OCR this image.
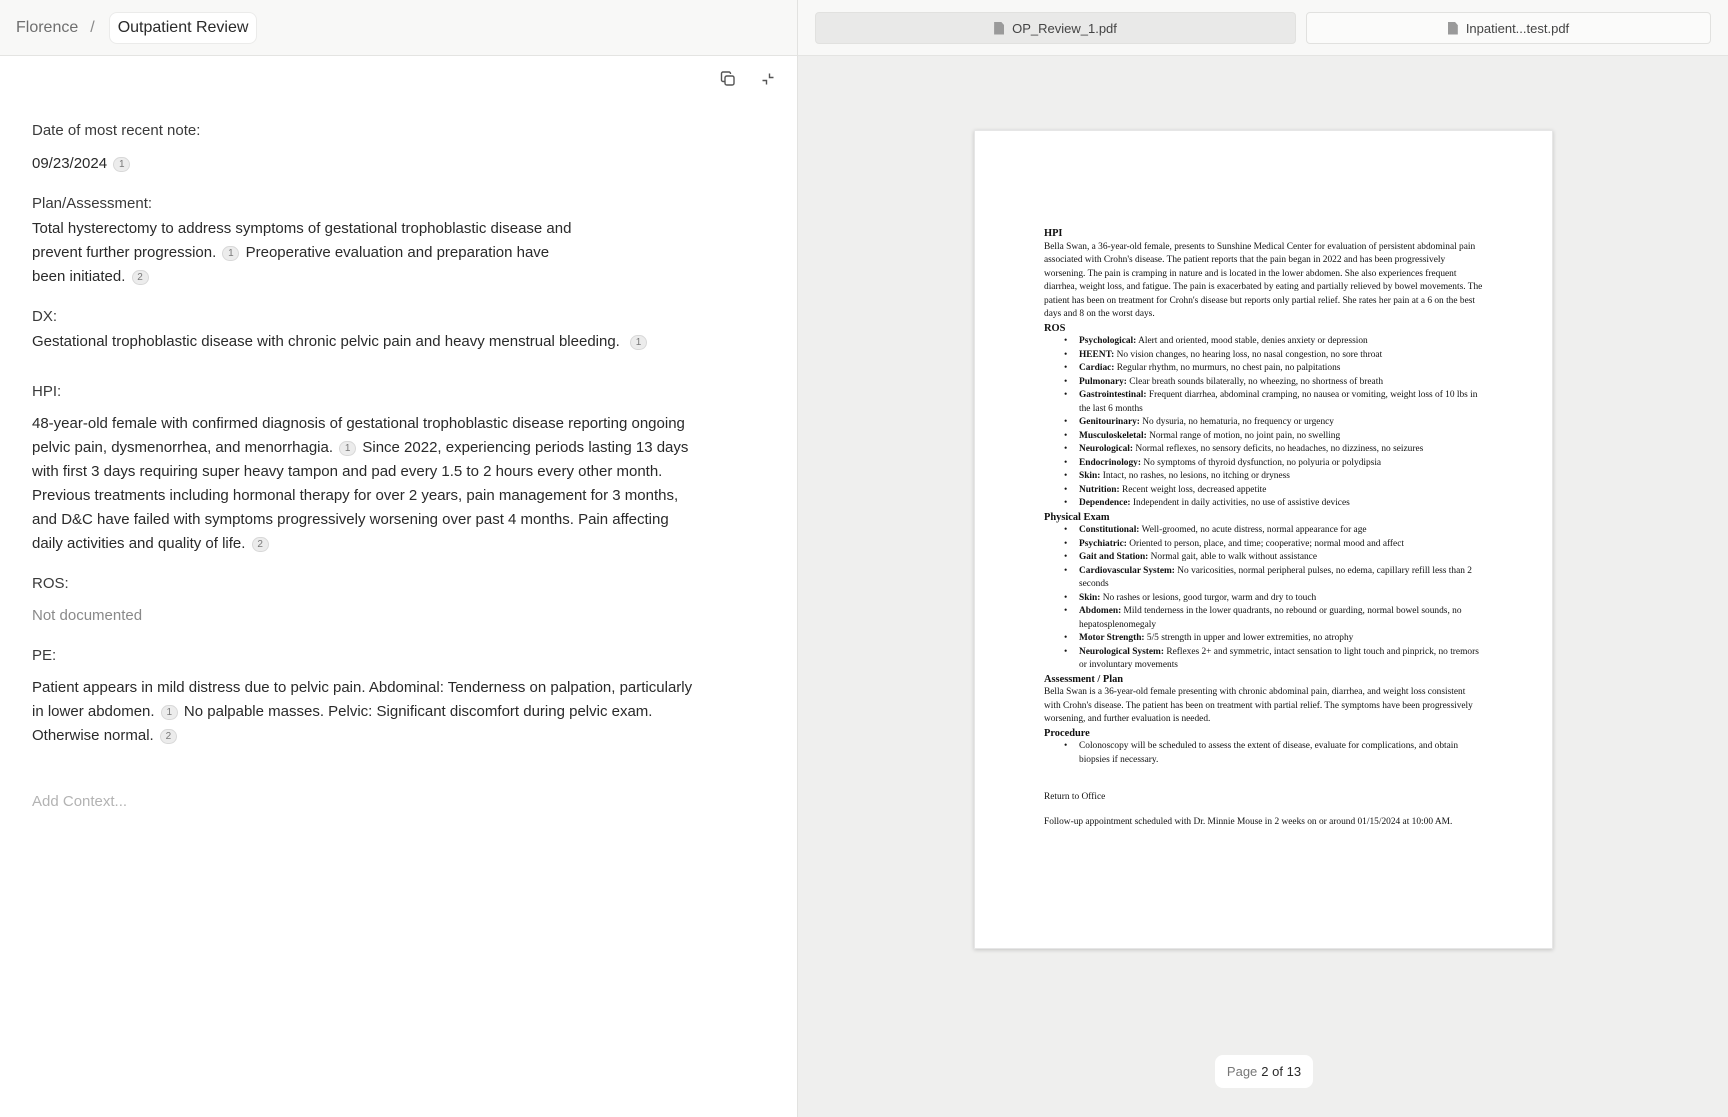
Florence /	Outpatient Review
Date of most recent note:
09/23/2024 1
Plan/Assessment:
Total hysterectomy to address symptoms of gestational trophoblastic disease and prevent further progression. 1 Preoperative evaluation and preparation have been initiated. 2
DX:
Gestational trophoblastic disease with chronic pelvic pain and heavy menstrual bleeding. 1
HPI:
48-year-old female with confirmed diagnosis of gestational trophoblastic disease reporting ongoing pelvic pain, dysmenorrhea, and menorrhagia. 1 Since 2022, experiencing periods lasting 13 days with first 3 days requiring super heavy tampon and pad every 1.5 to 2 hours every other month. Previous treatments including hormonal therapy for over 2 years, pain management for 3 months, and D&C have failed with symptoms progressively worsening over past 4 months. Pain affecting daily activities and quality of life. 2
ROS:
Not documented
PE:
Patient appears in mild distress due to pelvic pain. Abdominal: Tenderness on palpation, particularly in lower abdomen. 1 No palpable masses. Pelvic: Significant discomfort during pelvic exam. Otherwise normal. 2
Add Context...
OP_Review_1.pdf	Inpatient...test.pdf
HPI

Bella Swan, a 36-year-old female, presents to Sunshine Medical Center for evaluation of persistent abdominal pain associated with Crohn's disease. The patient reports that the pain began in 2022 and has been progressively worsening. The pain is cramping in nature and is located in the lower abdomen. She also experiences frequent diarrhea, weight loss, and fatigue. The pain is exacerbated by eating and partially relieved by bowel movements. The patient has been on treatment for Crohn's disease but reports only partial relief. She rates her pain at a 6 on the best days and 8 on the worst days.

ROS
• Psychological: Alert and oriented, mood stable, denies anxiety or depression
• HEENT: No vision changes, no hearing loss, no nasal congestion, no sore throat
• Cardiac: Regular rhythm, no murmurs, no chest pain, no palpitations
• Pulmonary: Clear breath sounds bilaterally, no wheezing, no shortness of breath
• Gastrointestinal: Frequent diarrhea, abdominal cramping, no nausea or vomiting, weight loss of 10 lbs in the last 6 months
• Genitourinary: No dysuria, no hematuria, no frequency or urgency
• Musculoskeletal: Normal range of motion, no joint pain, no swelling
• Neurological: Normal reflexes, no sensory deficits, no headaches, no dizziness, no seizures
• Endocrinology: No symptoms of thyroid dysfunction, no polyuria or polydipsia
• Skin: Intact, no rashes, no lesions, no itching or dryness
• Nutrition: Recent weight loss, decreased appetite
• Dependence: Independent in daily activities, no use of assistive devices
Physical Exam
• Constitutional: Well-groomed, no acute distress, normal appearance for age
• Psychiatric: Oriented to person, place, and time; cooperative; normal mood and affect
• Gait and Station: Normal gait, able to walk without assistance
• Cardiovascular System: No varicosities, normal peripheral pulses, no edema, capillary refill less than 2 seconds
• Skin: No rashes or lesions, good turgor, warm and dry to touch
• Abdomen: Mild tenderness in the lower quadrants, no rebound or guarding, normal bowel sounds, no hepatosplenomegaly
• Motor Strength: 5/5 strength in upper and lower extremities, no atrophy
• Neurological System: Reflexes 2+ and symmetric, intact sensation to light touch and pinprick, no tremors or involuntary movements
Assessment / Plan

Bella Swan is a 36-year-old female presenting with chronic abdominal pain, diarrhea, and weight loss consistent with Crohn's disease. The patient has been on treatment with partial relief. The symptoms have been progressively worsening, and further evaluation is needed.

Procedure
• Colonoscopy will be scheduled to assess the extent of disease, evaluate for complications, and obtain biopsies if necessary.

Return to Office

Follow-up appointment scheduled with Dr. Minnie Mouse in 2 weeks on or around 01/15/2024 at 10:00 AM.

Page 2 of 13
